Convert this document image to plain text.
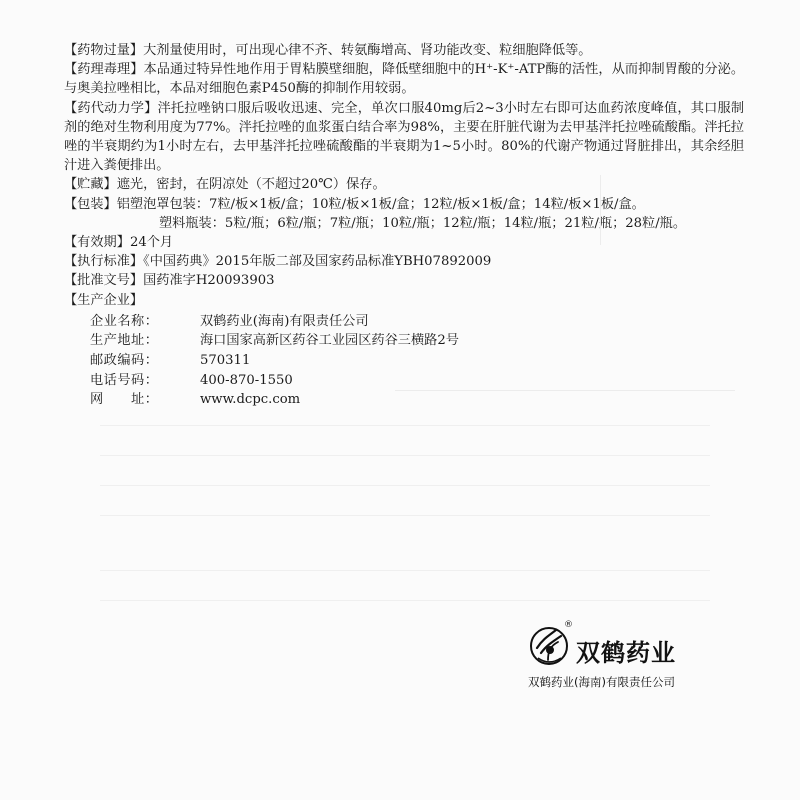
【药物过量】大剂量使用时，可出现心律不齐、转氨酶增高、肾功能改变、粒细胞降低等。

【药理毒理】本品通过特异性地作用于胃粘膜壁细胞，降低壁细胞中的H⁺-K⁺-ATP酶的活性，从而抑制胃酸的分泌。与奥美拉唑相比，本品对细胞色素P450酶的抑制作用较弱。

【药代动力学】泮托拉唑钠口服后吸收迅速、完全，单次口服40mg后2~3小时左右即可达血药浓度峰值，其口服制剂的绝对生物利用度为77%。泮托拉唑的血浆蛋白结合率为98%，主要在肝脏代谢为去甲基泮托拉唑硫酸酯。泮托拉唑的半衰期约为1小时左右，去甲基泮托拉唑硫酸酯的半衰期为1~5小时。80%的代谢产物通过肾脏排出，其余经胆汁进入粪便排出。

【贮藏】遮光，密封，在阴凉处（不超过20℃）保存。

【包装】铝塑泡罩包装：7粒/板×1板/盒；10粒/板×1板/盒；12粒/板×1板/盒；14粒/板×1板/盒。

塑料瓶装：5粒/瓶；6粒/瓶；7粒/瓶；10粒/瓶；12粒/瓶；14粒/瓶；21粒/瓶；28粒/瓶。

【有效期】24个月

【执行标准】《中国药典》2015年版二部及国家药品标准YBH07892009

【批准文号】国药准字H20093903

【生产企业】

企业名称：	双鹤药业(海南)有限责任公司
生产地址：	海口国家高新区药谷工业园区药谷三横路2号
邮政编码：	570311
电话号码：	400-870-1550
网　　址：	www.dcpc.com
®
双鹤药业
双鹤药业(海南)有限责任公司
